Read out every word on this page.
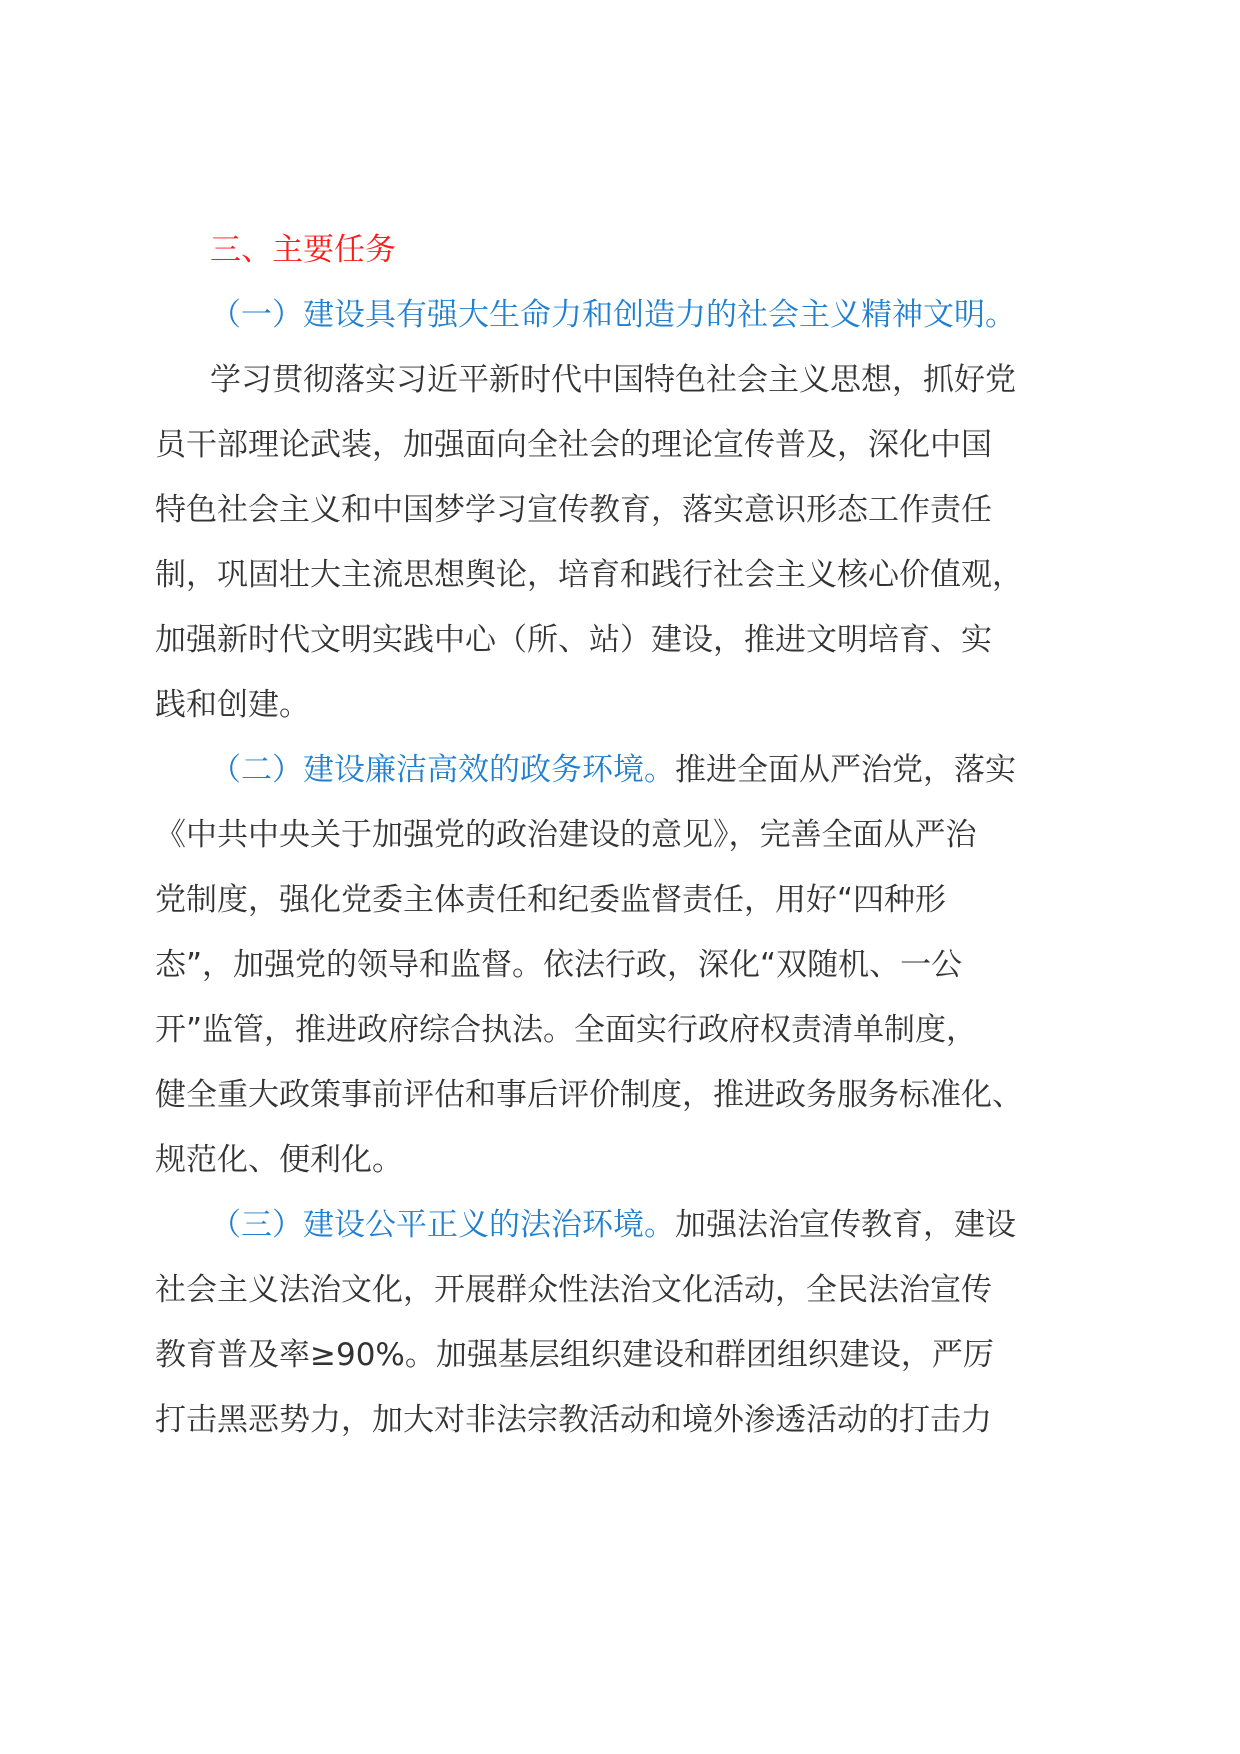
三、主要任务
（一）建设具有强大生命力和创造力的社会主义精神文明。
学习贯彻落实习近平新时代中国特色社会主义思想，抓好党
员干部理论武装，加强面向全社会的理论宣传普及，深化中国
特色社会主义和中国梦学习宣传教育，落实意识形态工作责任
制，巩固壮大主流思想舆论，培育和践行社会主义核心价值观，
加强新时代文明实践中心（所、站）建设，推进文明培育、实
践和创建。
（二）建设廉洁高效的政务环境。推进全面从严治党，落实
《中共中央关于加强党的政治建设的意见》，完善全面从严治
党制度，强化党委主体责任和纪委监督责任，用好“四种形
态”，加强党的领导和监督。依法行政，深化“双随机、一公
开”监管，推进政府综合执法。全面实行政府权责清单制度，
健全重大政策事前评估和事后评价制度，推进政务服务标准化、
规范化、便利化。
（三）建设公平正义的法治环境。加强法治宣传教育，建设
社会主义法治文化，开展群众性法治文化活动，全民法治宣传
教育普及率≥90%。加强基层组织建设和群团组织建设，严厉
打击黑恶势力，加大对非法宗教活动和境外渗透活动的打击力
